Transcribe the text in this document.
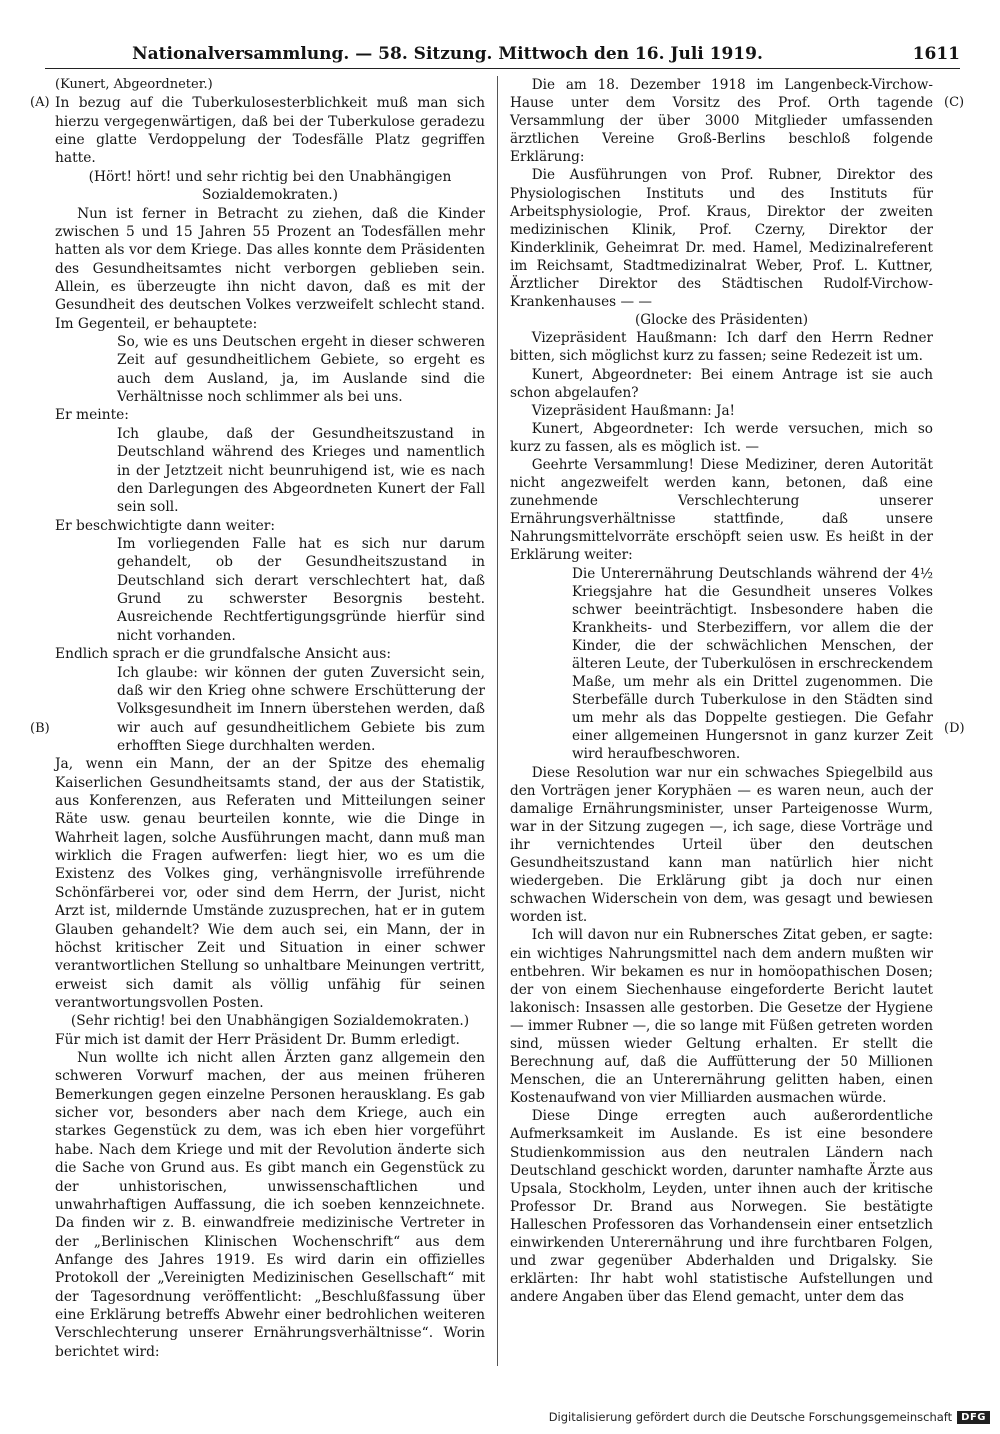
Nationalversammlung. — 58. Sitzung. Mittwoch den 16. Juli 1919.	1611
(A)
(B)
(C)
(D)

(Kunert, Abgeordneter.)

In bezug auf die Tuberkulosesterblichkeit muß man sich hierzu vergegenwärtigen, daß bei der Tuberkulose geradezu eine glatte Verdoppelung der Todesfälle Platz gegriffen hatte.

(Hört! hört! und sehr richtig bei den Unabhängigen Sozialdemokraten.)

Nun ist ferner in Betracht zu ziehen, daß die Kinder zwischen 5 und 15 Jahren 55 Prozent an Todesfällen mehr hatten als vor dem Kriege. Das alles konnte dem Präsidenten des Gesundheitsamtes nicht verborgen geblieben sein. Allein, es überzeugte ihn nicht davon, daß es mit der Gesundheit des deutschen Volkes verzweifelt schlecht stand. Im Gegenteil, er behauptete:

So, wie es uns Deutschen ergeht in dieser schweren Zeit auf gesundheitlichem Gebiete, so ergeht es auch dem Ausland, ja, im Auslande sind die Verhältnisse noch schlimmer als bei uns.

Er meinte:

Ich glaube, daß der Gesundheitszustand in Deutschland während des Krieges und namentlich in der Jetztzeit nicht beunruhigend ist, wie es nach den Darlegungen des Abgeordneten Kunert der Fall sein soll.

Er beschwichtigte dann weiter:

Im vorliegenden Falle hat es sich nur darum gehandelt, ob der Gesundheitszustand in Deutschland sich derart verschlechtert hat, daß Grund zu schwerster Besorgnis besteht. Ausreichende Rechtfertigungsgründe hierfür sind nicht vorhanden.

Endlich sprach er die grundfalsche Ansicht aus:

Ich glaube: wir können der guten Zuversicht sein, daß wir den Krieg ohne schwere Erschütterung der Volksgesundheit im Innern überstehen werden, daß wir auch auf gesundheitlichem Gebiete bis zum erhofften Siege durchhalten werden.

Ja, wenn ein Mann, der an der Spitze des ehemalig Kaiserlichen Gesundheitsamts stand, der aus der Statistik, aus Konferenzen, aus Referaten und Mitteilungen seiner Räte usw. genau beurteilen konnte, wie die Dinge in Wahrheit lagen, solche Ausführungen macht, dann muß man wirklich die Fragen aufwerfen: liegt hier, wo es um die Existenz des Volkes ging, verhängnisvolle irreführende Schönfärberei vor, oder sind dem Herrn, der Jurist, nicht Arzt ist, mildernde Umstände zuzusprechen, hat er in gutem Glauben gehandelt? Wie dem auch sei, ein Mann, der in höchst kritischer Zeit und Situation in einer schwer verantwortlichen Stellung so unhaltbare Meinungen vertritt, erweist sich damit als völlig unfähig für seinen verantwortungsvollen Posten.

(Sehr richtig! bei den Unabhängigen Sozialdemokraten.)

Für mich ist damit der Herr Präsident Dr. Bumm erledigt.

Nun wollte ich nicht allen Ärzten ganz allgemein den schweren Vorwurf machen, der aus meinen früheren Bemerkungen gegen einzelne Personen herausklang. Es gab sicher vor, besonders aber nach dem Kriege, auch ein starkes Gegenstück zu dem, was ich eben hier vorgeführt habe. Nach dem Kriege und mit der Revolution änderte sich die Sache von Grund aus. Es gibt manch ein Gegenstück zu der unhistorischen, unwissenschaftlichen und unwahrhaftigen Auffassung, die ich soeben kennzeichnete. Da finden wir z. B. einwandfreie medizinische Vertreter in der „Berlinischen Klinischen Wochenschrift“ aus dem Anfange des Jahres 1919. Es wird darin ein offizielles Protokoll der „Vereinigten Medizinischen Gesellschaft“ mit der Tagesordnung veröffentlicht: „Beschlußfassung über eine Erklärung betreffs Abwehr einer bedrohlichen weiteren Verschlechterung unserer Ernährungsverhältnisse“. Worin berichtet wird:

Die am 18. Dezember 1918 im Langenbeck-Virchow-Hause unter dem Vorsitz des Prof. Orth tagende Versammlung der über 3000 Mitglieder umfassenden ärztlichen Vereine Groß-Berlins beschloß folgende Erklärung:

Die Ausführungen von Prof. Rubner, Direktor des Physiologischen Instituts und des Instituts für Arbeitsphysiologie, Prof. Kraus, Direktor der zweiten medizinischen Klinik, Prof. Czerny, Direktor der Kinderklinik, Geheimrat Dr. med. Hamel, Medizinalreferent im Reichsamt, Stadtmedizinalrat Weber, Prof. L. Kuttner, Ärztlicher Direktor des Städtischen Rudolf-Virchow-Krankenhauses — —

(Glocke des Präsidenten)

Vizepräsident Haußmann: Ich darf den Herrn Redner bitten, sich möglichst kurz zu fassen; seine Redezeit ist um.

Kunert, Abgeordneter: Bei einem Antrage ist sie auch schon abgelaufen?

Vizepräsident Haußmann: Ja!

Kunert, Abgeordneter: Ich werde versuchen, mich so kurz zu fassen, als es möglich ist. —

Geehrte Versammlung! Diese Mediziner, deren Autorität nicht angezweifelt werden kann, betonen, daß eine zunehmende Verschlechterung unserer Ernährungsverhältnisse stattfinde, daß unsere Nahrungsmittelvorräte erschöpft seien usw. Es heißt in der Erklärung weiter:

Die Unterernährung Deutschlands während der 4½ Kriegsjahre hat die Gesundheit unseres Volkes schwer beeinträchtigt. Insbesondere haben die Krankheits- und Sterbeziffern, vor allem die der Kinder, die der schwächlichen Menschen, der älteren Leute, der Tuberkulösen in erschreckendem Maße, um mehr als ein Drittel zugenommen. Die Sterbefälle durch Tuberkulose in den Städten sind um mehr als das Doppelte gestiegen. Die Gefahr einer allgemeinen Hungersnot in ganz kurzer Zeit wird heraufbeschworen.

Diese Resolution war nur ein schwaches Spiegelbild aus den Vorträgen jener Koryphäen — es waren neun, auch der damalige Ernährungsminister, unser Parteigenosse Wurm, war in der Sitzung zugegen —, ich sage, diese Vorträge und ihr vernichtendes Urteil über den deutschen Gesundheitszustand kann man natürlich hier nicht wiedergeben. Die Erklärung gibt ja doch nur einen schwachen Widerschein von dem, was gesagt und bewiesen worden ist.

Ich will davon nur ein Rubnersches Zitat geben, er sagte: ein wichtiges Nahrungsmittel nach dem andern mußten wir entbehren. Wir bekamen es nur in homöopathischen Dosen; der von einem Siechenhause eingeforderte Bericht lautet lakonisch: Insassen alle gestorben. Die Gesetze der Hygiene — immer Rubner —, die so lange mit Füßen getreten worden sind, müssen wieder Geltung erhalten. Er stellt die Berechnung auf, daß die Auffütterung der 50 Millionen Menschen, die an Unterernährung gelitten haben, einen Kostenaufwand von vier Milliarden ausmachen würde.

Diese Dinge erregten auch außerordentliche Aufmerksamkeit im Auslande. Es ist eine besondere Studienkommission aus den neutralen Ländern nach Deutschland geschickt worden, darunter namhafte Ärzte aus Upsala, Stockholm, Leyden, unter ihnen auch der kritische Professor Dr. Brand aus Norwegen. Sie bestätigte Halleschen Professoren das Vorhandensein einer entsetzlich einwirkenden Unterernährung und ihre furchtbaren Folgen, und zwar gegenüber Abderhalden und Drigalsky. Sie erklärten: Ihr habt wohl statistische Aufstellungen und andere Angaben über das Elend gemacht, unter dem das

Digitalisierung gefördert durch die Deutsche Forschungsgemeinschaft DFG
